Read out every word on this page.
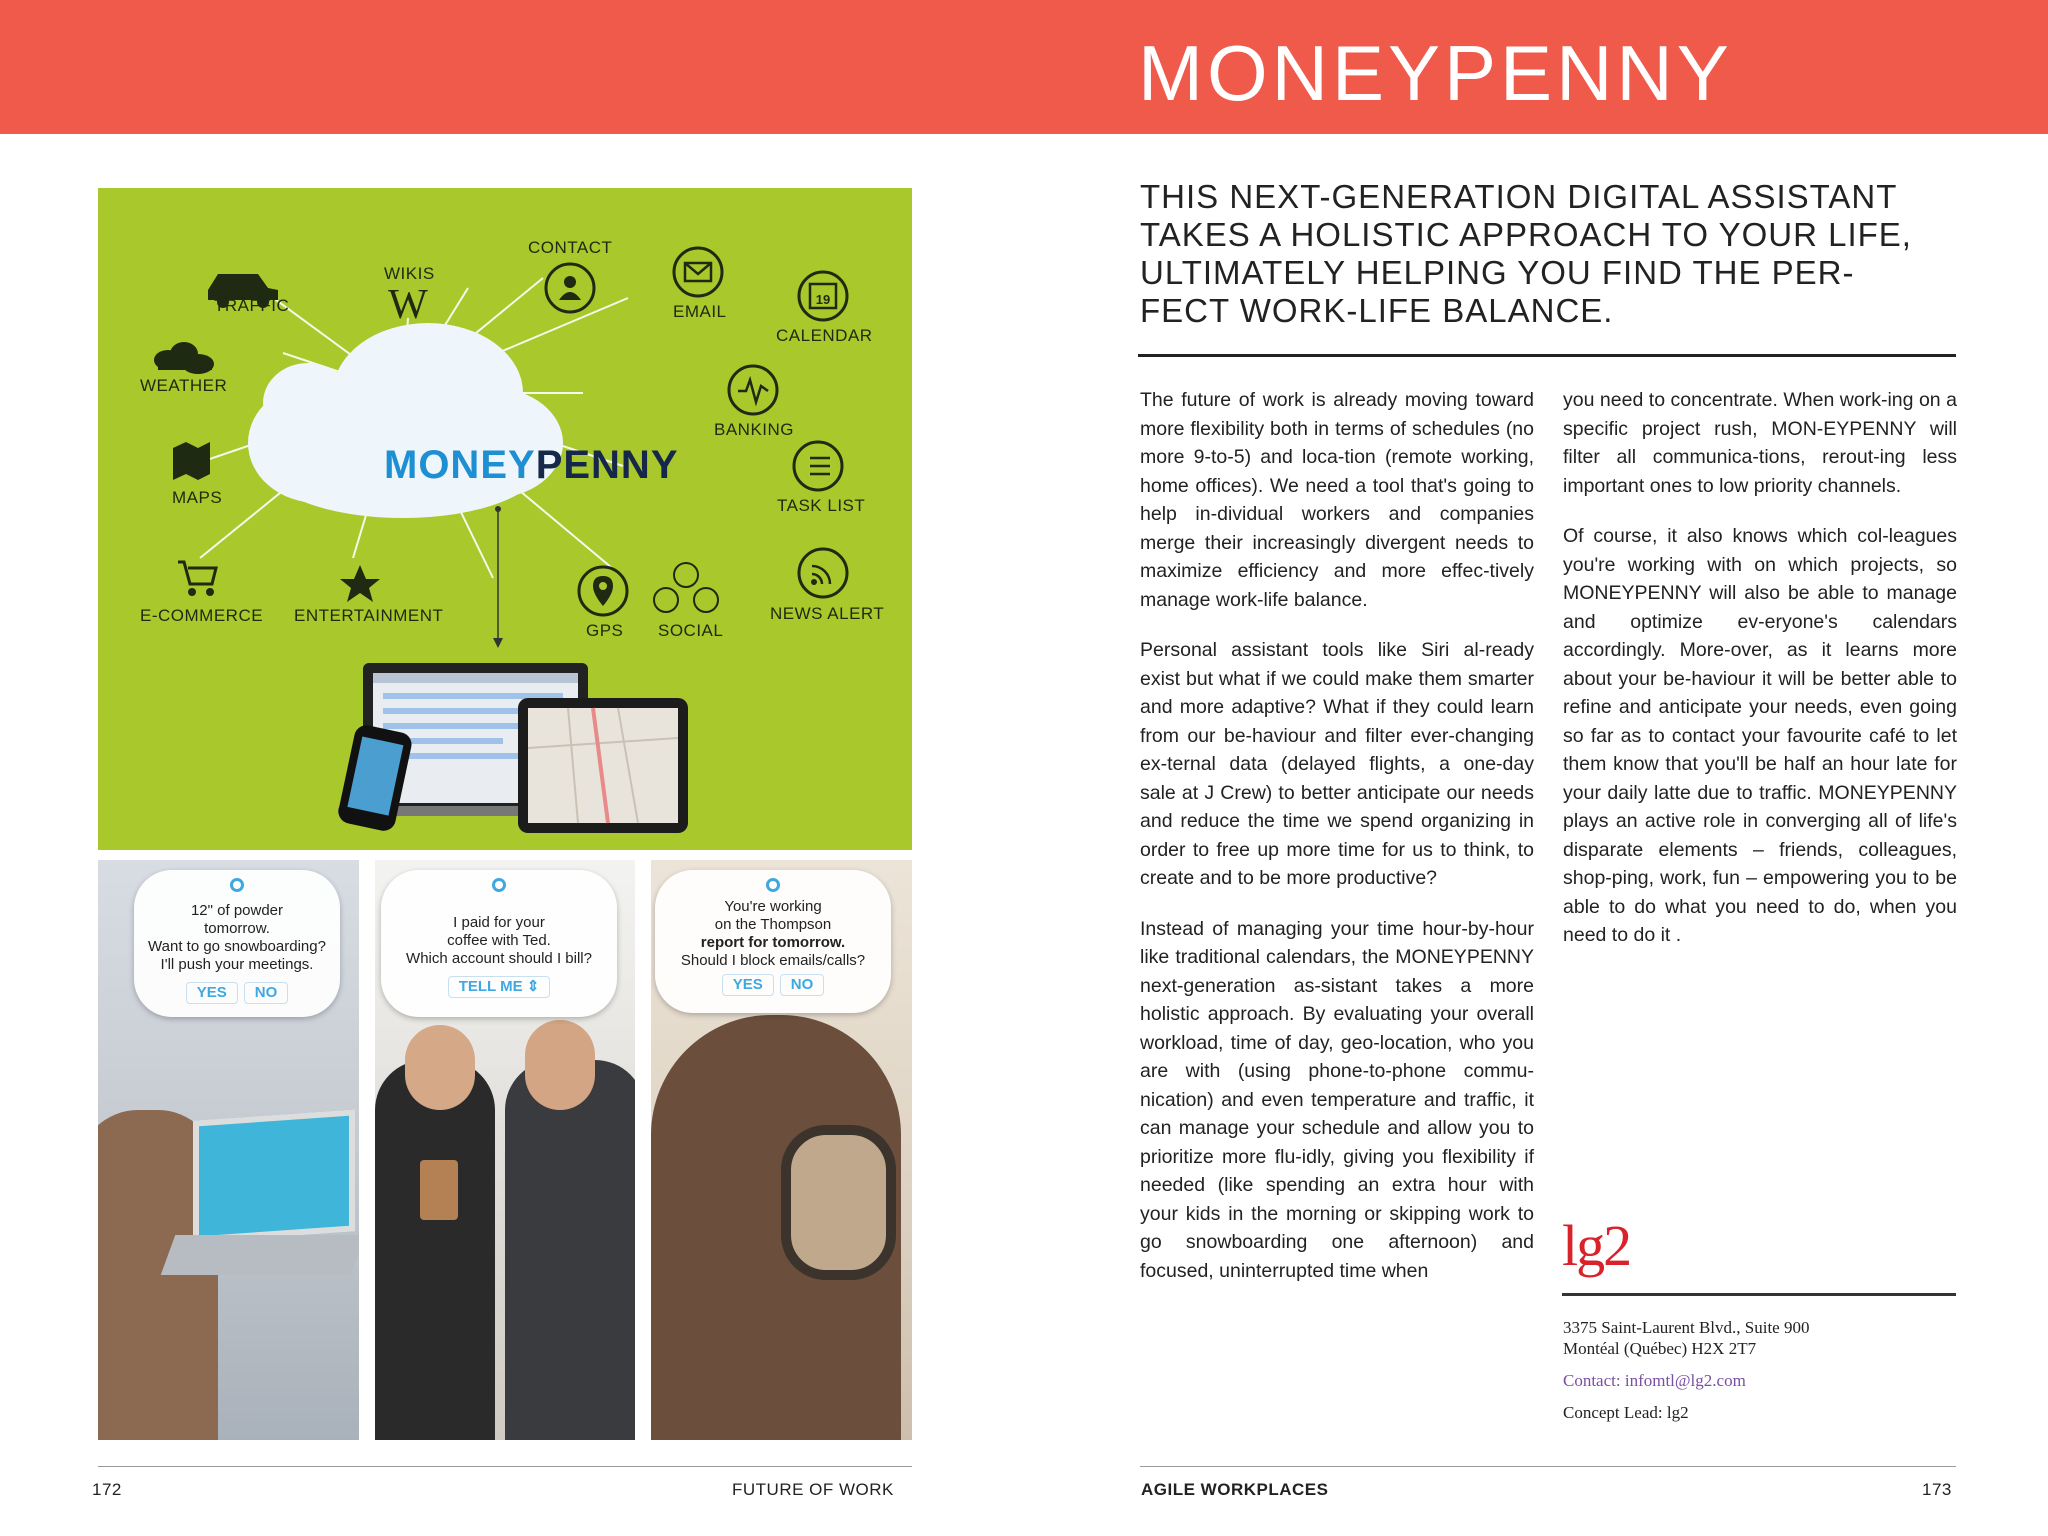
MONEYPENNY
19
W
MONEYPENNY
TRAFFIC
WIKIS
CONTACT
EMAIL
CALENDAR
WEATHER
BANKING
MAPS	TASK LIST
E-COMMERCE ENTERTAINMENT
GPS SOCIAL
NEWS ALERT
12" of powder
tomorrow.
Want to go snowboarding?
I'll push your meetings.
YES NO
I paid for your
coffee with Ted.
Which account should I bill?
TELL ME ⇕
You're working
on the Thompson
report for tomorrow.
Should I block emails/calls?
YES NO
THIS NEXT-GENERATION DIGITAL ASSISTANT
TAKES A HOLISTIC APPROACH TO YOUR LIFE,
ULTIMATELY HELPING YOU FIND THE PER-
FECT WORK-LIFE BALANCE.

The future of work is already moving toward more flexibility both in terms of schedules (no more 9-to-5) and loca-tion (remote working, home offices). We need a tool that's going to help in-dividual workers and companies merge their increasingly divergent needs to maximize efficiency and more effec-tively manage work-life balance.

Personal assistant tools like Siri al-ready exist but what if we could make them smarter and more adaptive? What if they could learn from our be-haviour and filter ever-changing ex-ternal data (delayed flights, a one-day sale at J Crew) to better anticipate our needs and reduce the time we spend organizing in order to free up more time for us to think, to create and to be more productive?

Instead of managing your time hour-by-hour like traditional calendars, the MONEYPENNY next-generation as-sistant takes a more holistic approach. By evaluating your overall workload, time of day, geo-location, who you are with (using phone-to-phone commu-nication) and even temperature and traffic, it can manage your schedule and allow you to prioritize more flu-idly, giving you flexibility if needed (like spending an extra hour with your kids in the morning or skipping work to go snowboarding one afternoon) and focused, uninterrupted time when

you need to concentrate. When work-ing on a specific project rush, MON-EYPENNY will filter all communica-tions, rerout-ing less important ones to low priority channels.

Of course, it also knows which col-leagues you're working with on which projects, so MONEYPENNY will also be able to manage and optimize ev-eryone's calendars accordingly. More-over, as it learns more about your be-haviour it will be better able to refine and anticipate your needs, even going so far as to contact your favourite café to let them know that you'll be half an hour late for your daily latte due to traffic. MONEYPENNY plays an active role in converging all of life's disparate elements – friends, colleagues, shop-ping, work, fun – empowering you to be able to do what you need to do, when you need to do it .

lg2
3375 Saint-Laurent Blvd., Suite 900
Montéal (Québec) H2X 2T7
Contact: infomtl@lg2.com
Concept Lead: lg2
172	FUTURE OF WORK	AGILE WORKPLACES	173
